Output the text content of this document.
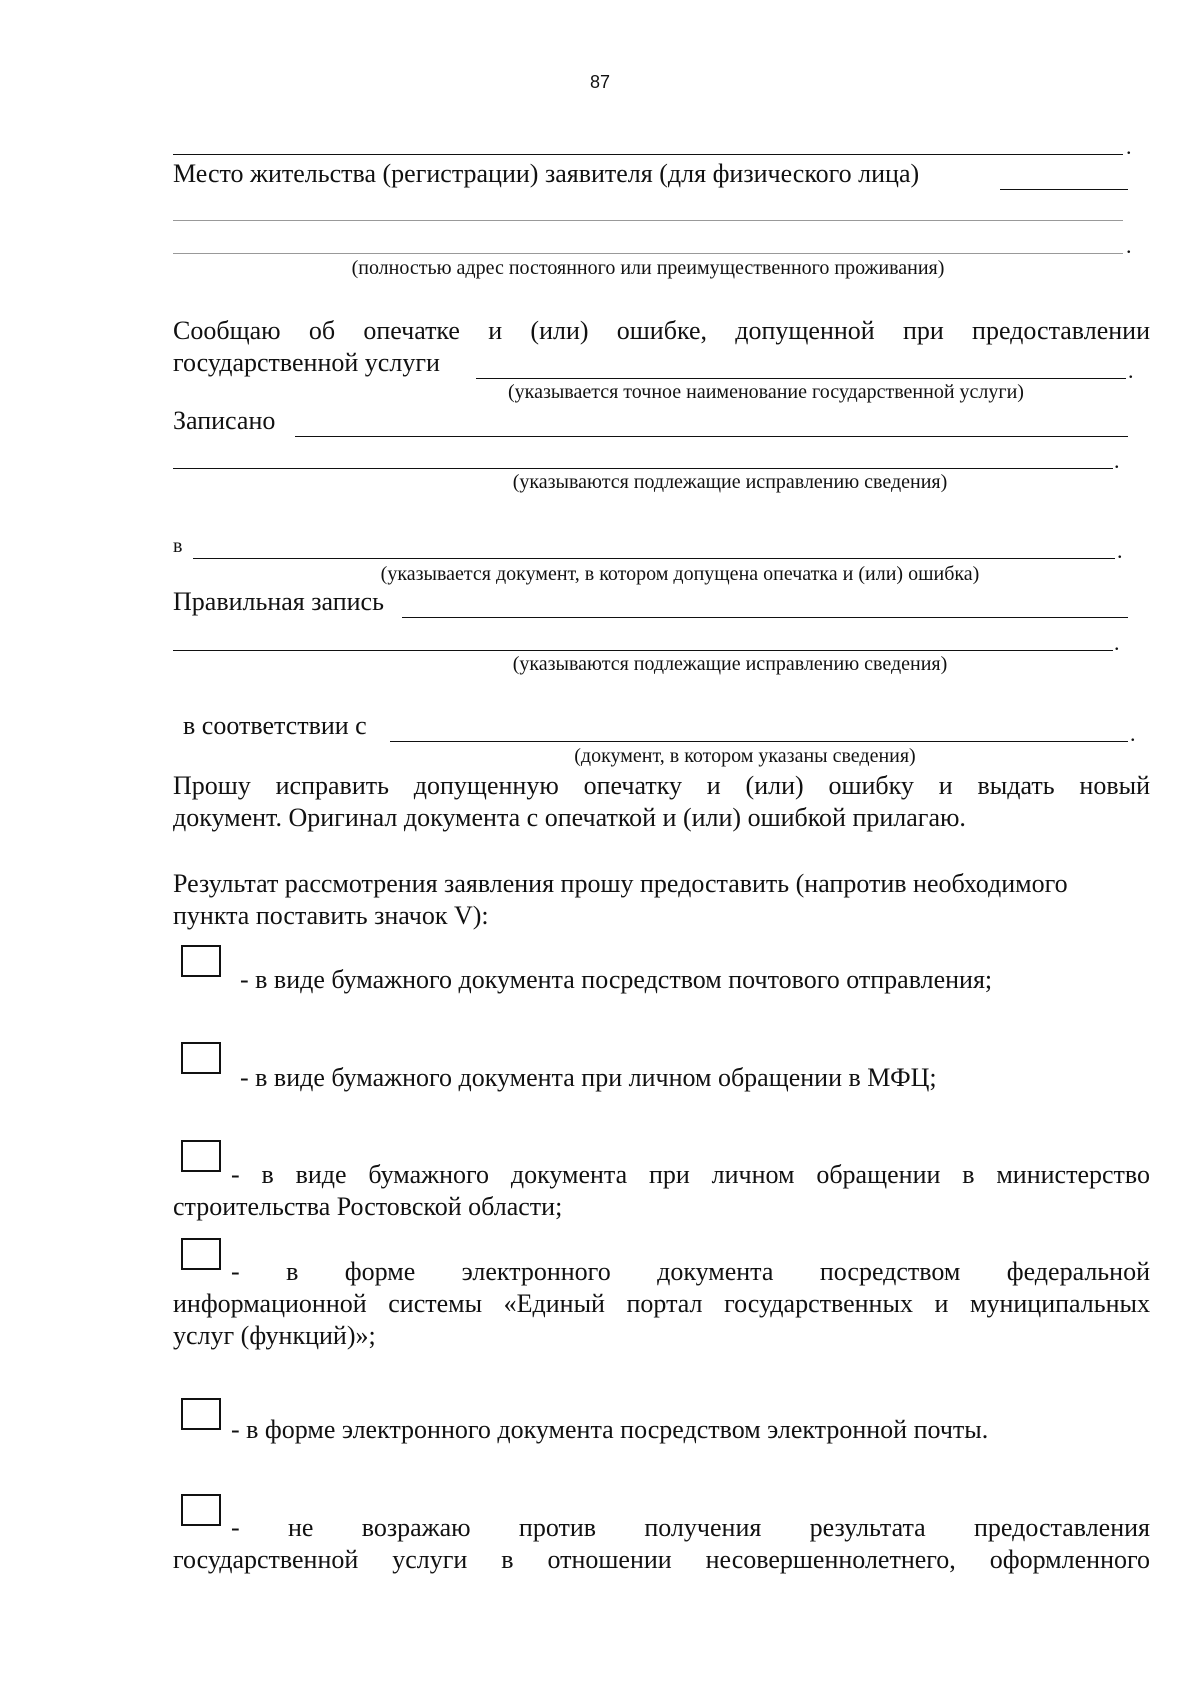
87
.
Место жительства (регистрации) заявителя (для физического лица)
.
(полностью адрес постоянного или преимущественного проживания)
Сообщаю об опечатке и (или) ошибке, допущенной при предоставлении
государственной услуги	.
(указывается точное наименование государственной услуги)
Записано
.
(указываются подлежащие исправлению сведения)
в	.
(указывается документ, в котором допущена опечатка и (или) ошибка)
Правильная запись
.
(указываются подлежащие исправлению сведения)
в соответствии с	.
(документ, в котором указаны сведения)
Прошу исправить допущенную опечатку и (или) ошибку и выдать новый
документ. Оригинал документа с опечаткой и (или) ошибкой прилагаю.
Результат рассмотрения заявления прошу предоставить (напротив необходимого
пункта поставить значок V):
- в виде бумажного документа посредством почтового отправления;
- в виде бумажного документа при личном обращении в МФЦ;
- в виде бумажного документа при личном обращении в министерство
строительства Ростовской области;
- в форме электронного документа посредством федеральной
информационной системы «Единый портал государственных и муниципальных
услуг (функций)»;
- в форме электронного документа посредством электронной почты.
- не возражаю против получения результата предоставления
государственной услуги в отношении несовершеннолетнего, оформленного
